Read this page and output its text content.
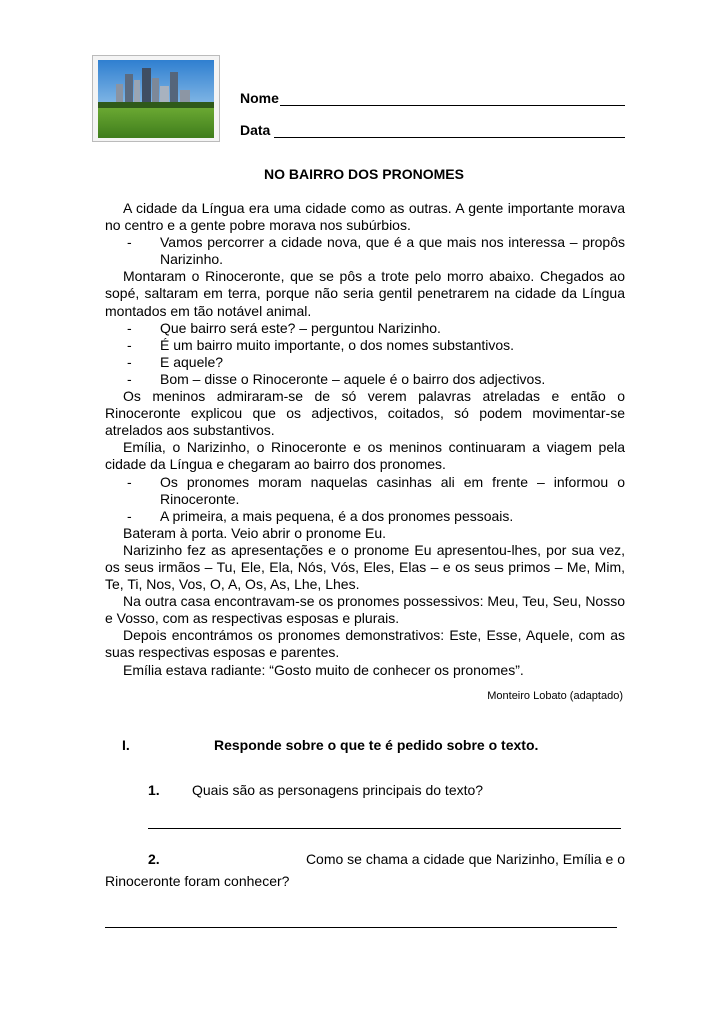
Nome
Data
NO BAIRRO DOS PRONOMES

A cidade da Língua era uma cidade como as outras. A gente importante morava no centro e a gente pobre morava nos subúrbios.

-	Vamos percorrer a cidade nova, que é a que mais nos interessa – propôs Narizinho.

Montaram o Rinoceronte, que se pôs a trote pelo morro abaixo. Chegados ao sopé, saltaram em terra, porque não seria gentil penetrarem na cidade da Língua montados em tão notável animal.

-	Que bairro será este? – perguntou Narizinho.
-	É um bairro muito importante, o dos nomes substantivos.
-	E aquele?
-	Bom – disse o Rinoceronte – aquele é o bairro dos adjectivos.

Os meninos admiraram-se de só verem palavras atreladas e então o Rinoceronte explicou que os adjectivos, coitados, só podem movimentar-se atrelados aos substantivos.

Emília, o Narizinho, o Rinoceronte e os meninos continuaram a viagem pela cidade da Língua e chegaram ao bairro dos pronomes.

-	Os pronomes moram naquelas casinhas ali em frente – informou o Rinoceronte.
-	A primeira, a mais pequena, é a dos pronomes pessoais.

Bateram à porta. Veio abrir o pronome Eu.

Narizinho fez as apresentações e o pronome Eu apresentou-lhes, por sua vez, os seus irmãos – Tu, Ele, Ela, Nós, Vós, Eles, Elas – e os seus primos – Me, Mim, Te, Ti, Nos, Vos, O, A, Os, As, Lhe, Lhes.

Na outra casa encontravam-se os pronomes possessivos: Meu, Teu, Seu, Nosso e Vosso, com as respectivas esposas e plurais.

Depois encontrámos os pronomes demonstrativos: Este, Esse, Aquele, com as suas respectivas esposas e parentes.

Emília estava radiante: “Gosto muito de conhecer os pronomes”.

Monteiro Lobato (adaptado)
I.	Responde sobre o que te é pedido sobre o texto.
1. Quais são as personagens principais do texto?
2.	Como se chama a cidade que Narizinho, Emília e o
Rinoceronte foram conhecer?
